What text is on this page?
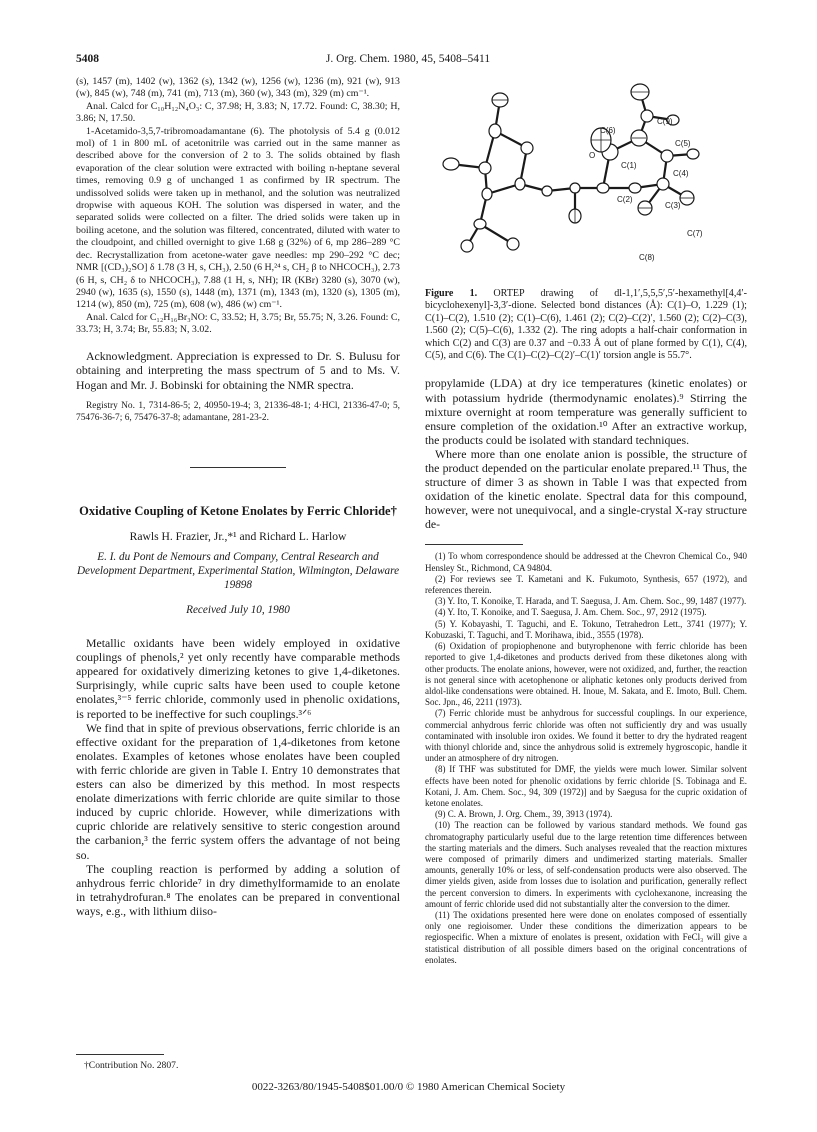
5408	J. Org. Chem. 1980, 45, 5408–5411

(s), 1457 (m), 1402 (w), 1362 (s), 1342 (w), 1256 (w), 1236 (m), 921 (w), 913 (w), 845 (w), 748 (m), 741 (m), 713 (m), 360 (w), 343 (m), 329 (m) cm⁻¹.

Anal. Calcd for C₁₀H₁₂N₄O₃: C, 37.98; H, 3.83; N, 17.72. Found: C, 38.30; H, 3.86; N, 17.50.

1-Acetamido-3,5,7-tribromoadamantane (6). The photolysis of 5.4 g (0.012 mol) of 1 in 800 mL of acetonitrile was carried out in the same manner as described above for the conversion of 2 to 3. The solids obtained by flash evaporation of the clear solution were extracted with boiling n-heptane several times, removing 0.9 g of unchanged 1 as confirmed by IR spectrum. The undissolved solids were taken up in methanol, and the solution was neutralized dropwise with aqueous KOH. The solution was dispersed in water, and the separated solids were collected on a filter. The dried solids were taken up in boiling acetone, and the solution was filtered, concentrated, diluted with water to the cloudpoint, and chilled overnight to give 1.68 g (32%) of 6, mp 286–289 °C dec. Recrystallization from acetone-water gave needles: mp 290–292 °C dec; NMR [(CD₃)₂SO] δ 1.78 (3 H, s, CH₃), 2.50 (6 H,²⁴ s, CH₂ β to NHCOCH₃), 2.73 (6 H, s, CH₂ δ to NHCOCH₃), 7.88 (1 H, s, NH); IR (KBr) 3280 (s), 3070 (w), 2940 (w), 1635 (s), 1550 (s), 1448 (m), 1371 (m), 1343 (m), 1320 (s), 1305 (m), 1214 (w), 850 (m), 725 (m), 608 (w), 486 (w) cm⁻¹.

Anal. Calcd for C₁₂H₁₆Br₃NO: C, 33.52; H, 3.75; Br, 55.75; N, 3.26. Found: C, 33.73; H, 3.74; Br, 55.83; N, 3.02.

Acknowledgment. Appreciation is expressed to Dr. S. Bulusu for obtaining and interpreting the mass spectrum of 5 and to Ms. V. Hogan and Mr. J. Bobinski for obtaining the NMR spectra.

Registry No. 1, 7314-86-5; 2, 40950-19-4; 3, 21336-48-1; 4·HCl, 21336-47-0; 5, 75476-36-7; 6, 75476-37-8; adamantane, 281-23-2.

Oxidative Coupling of Ketone Enolates by Ferric Chloride†
Rawls H. Frazier, Jr.,*¹ and Richard L. Harlow
E. I. du Pont de Nemours and Company, Central Research and Development Department, Experimental Station, Wilmington, Delaware 19898
Received July 10, 1980

Metallic oxidants have been widely employed in oxidative couplings of phenols,² yet only recently have comparable methods appeared for oxidatively dimerizing ketones to give 1,4-diketones. Surprisingly, while cupric salts have been used to couple ketone enolates,³⁻⁵ ferric chloride, commonly used in phenolic oxidations, is reported to be ineffective for such couplings.³ᐟ⁶

We find that in spite of previous observations, ferric chloride is an effective oxidant for the preparation of 1,4-diketones from ketone enolates. Examples of ketones whose enolates have been coupled with ferric chloride are given in Table I. Entry 10 demonstrates that esters can also be dimerized by this method. In most respects enolate dimerizations with ferric chloride are quite similar to those induced by cupric chloride. However, while dimerizations with cupric chloride are relatively sensitive to steric congestion around the carbanion,³ the ferric system offers the advantage of not being so.

The coupling reaction is performed by adding a solution of anhydrous ferric chloride⁷ in dry dimethylformamide to an enolate in tetrahydrofuran.⁸ The enolates can be prepared in conventional ways, e.g., with lithium diiso-

†Contribution No. 2807.
C(6)
C(9)
O
C(5)
C(1)
C(4)
C(2)
C(3)
C(7)
C(8)

Figure 1. ORTEP drawing of dl-1,1′,5,5,5′,5′-hexamethyl[4,4′-bicyclohexenyl]-3,3′-dione. Selected bond distances (Å): C(1)–O, 1.229 (1); C(1)–C(2), 1.510 (2); C(1)–C(6), 1.461 (2); C(2)–C(2)′, 1.560 (2); C(2)–C(3), 1.560 (2); C(5)–C(6), 1.332 (2). The ring adopts a half-chair conformation in which C(2) and C(3) are 0.37 and −0.33 Å out of plane formed by C(1), C(4), C(5), and C(6). The C(1)–C(2)–C(2)′–C(1)′ torsion angle is 55.7°.

propylamide (LDA) at dry ice temperatures (kinetic enolates) or with potassium hydride (thermodynamic enolates).⁹ Stirring the mixture overnight at room temperature was generally sufficient to ensure completion of the oxidation.¹⁰ After an extractive workup, the products could be isolated with standard techniques.

Where more than one enolate anion is possible, the structure of the product depended on the particular enolate prepared.¹¹ Thus, the structure of dimer 3 as shown in Table I was that expected from oxidation of the kinetic enolate. Spectral data for this compound, however, were not unequivocal, and a single-crystal X-ray structure de-

(1) To whom correspondence should be addressed at the Chevron Chemical Co., 940 Hensley St., Richmond, CA 94804.

(2) For reviews see T. Kametani and K. Fukumoto, Synthesis, 657 (1972), and references therein.

(3) Y. Ito, T. Konoike, T. Harada, and T. Saegusa, J. Am. Chem. Soc., 99, 1487 (1977).

(4) Y. Ito, T. Konoike, and T. Saegusa, J. Am. Chem. Soc., 97, 2912 (1975).

(5) Y. Kobayashi, T. Taguchi, and E. Tokuno, Tetrahedron Lett., 3741 (1977); Y. Kobuzaski, T. Taguchi, and T. Morihawa, ibid., 3555 (1978).

(6) Oxidation of propiophenone and butyrophenone with ferric chloride has been reported to give 1,4-diketones and products derived from these diketones along with other products. The enolate anions, however, were not oxidized, and, further, the reaction is not general since with acetophenone or aliphatic ketones only products derived from aldol-like condensations were obtained. H. Inoue, M. Sakata, and E. Imoto, Bull. Chem. Soc. Jpn., 46, 2211 (1973).

(7) Ferric chloride must be anhydrous for successful couplings. In our experience, commercial anhydrous ferric chloride was often not sufficiently dry and was usually contaminated with insoluble iron oxides. We found it better to dry the hydrated reagent with thionyl chloride and, since the anhydrous solid is extremely hygroscopic, handle it under an atmosphere of dry nitrogen.

(8) If THF was substituted for DMF, the yields were much lower. Similar solvent effects have been noted for phenolic oxidations by ferric chloride [S. Tobinaga and E. Kotani, J. Am. Chem. Soc., 94, 309 (1972)] and by Saegusa for the cupric oxidation of ketone enolates.

(9) C. A. Brown, J. Org. Chem., 39, 3913 (1974).

(10) The reaction can be followed by various standard methods. We found gas chromatography particularly useful due to the large retention time differences between the starting materials and the dimers. Such analyses revealed that the reaction mixtures were composed of primarily dimers and undimerized starting materials. Smaller amounts, generally 10% or less, of self-condensation products were also observed. The dimer yields given, aside from losses due to isolation and purification, generally reflect the percent conversion to dimers. In experiments with cyclohexanone, increasing the amount of ferric chloride used did not substantially alter the conversion to the dimer.

(11) The oxidations presented here were done on enolates composed of essentially only one regioisomer. Under these conditions the dimerization appears to be regiospecific. When a mixture of enolates is present, oxidation with FeCl₃ will give a statistical distribution of all possible dimers based on the original concentrations of enolates.

0022-3263/80/1945-5408$01.00/0 © 1980 American Chemical Society
